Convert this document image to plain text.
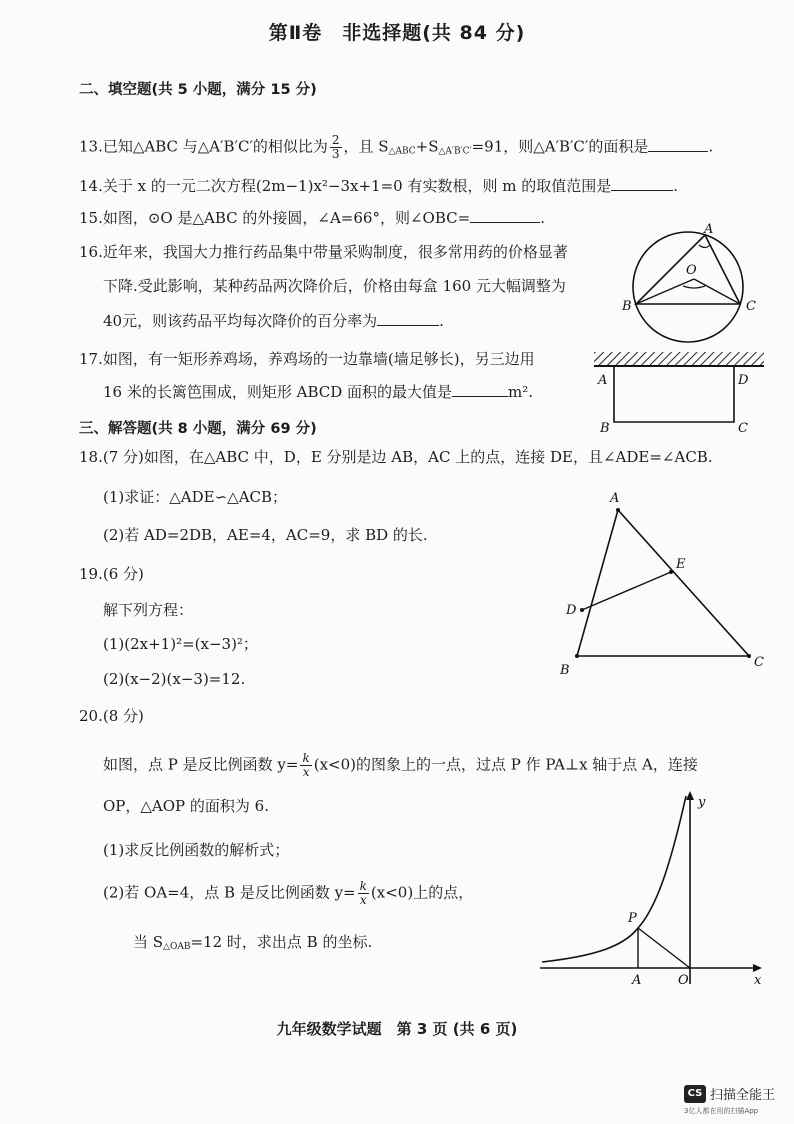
第Ⅱ卷　非选择题(共 84 分)
二、填空题(共 5 小题，满分 15 分)
13.已知△ABC 与△A′B′C′的相似比为 $\frac{2}{3}$ ，且 $S_{\triangle ABC}+S_{\triangle A'B'C'}=91$，则△A′B′C′的面积是	.
14.关于 x 的一元二次方程(2m−1)x²−3x+1=0 有实数根，则 m 的取值范围是	.
15.如图，⊙O 是△ABC 的外接圆，∠A=66°，则∠OBC=	.
16.近年来，我国大力推行药品集中带量采购制度，很多常用药的价格显著
下降.受此影响，某种药品两次降价后，价格由每盒 160 元大幅调整为
40元，则该药品平均每次降价的百分率为	.
17.如图，有一矩形养鸡场，养鸡场的一边靠墙(墙足够长)，另三边用
16 米的长篱笆围成，则矩形 ABCD 面积的最大值是	m².
三、解答题(共 8 小题，满分 69 分)
18.(7 分)如图，在△ABC 中，D，E 分别是边 AB，AC 上的点，连接 DE，且∠ADE=∠ACB.
(1)求证：△ADE∽△ACB；
(2)若 AD=2DB，AE=4，AC=9，求 BD 的长.
19.(6 分)
解下列方程：
(1)(2x+1)²=(x−3)²；
(2)(x−2)(x−3)=12.
20.(8 分)
如图，点 P 是反比例函数 $y= \frac{k}{x} (x<0)$的图象上的一点，过点 P 作 PA⊥x 轴于点 A，连接
OP，△AOP 的面积为 6.
(1)求反比例函数的解析式；
(2)若 OA=4，点 B 是反比例函数 $y= \frac{k}{x} (x<0)$上的点，
当 $S_{\triangle OAB}=12$ 时，求出点 B 的坐标.
A
O
B	C
A	D
B	C
A
B
C
D
E
P
A	O	x
y
九年级数学试题　第 3 页 (共 6 页)
CS 扫描全能王
3亿人都在用的扫描App
